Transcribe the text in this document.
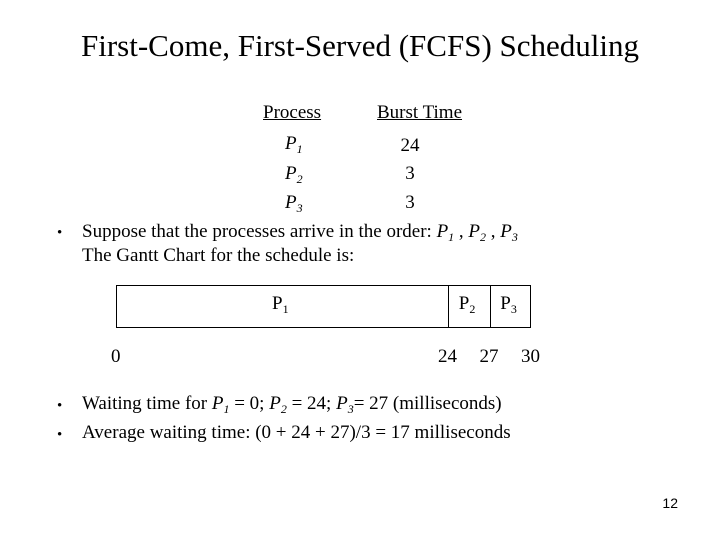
First-Come, First-Served (FCFS) Scheduling
Process	Burst Time
$P_1$	24
$P_2$	3
$P_3$	3
• Suppose that the processes arrive in the order: $P_1$ , $P_2$ , $P_3$
The Gantt Chart for the schedule is:
$P_1$	$P_2$ $P_3$
0	24 27 30
• Waiting time for $P_1 = 0$; $P_2 = 24$; $P_3= 27$ (milliseconds)
• Average waiting time: (0 + 24 + 27)/3 = 17 milliseconds
12
